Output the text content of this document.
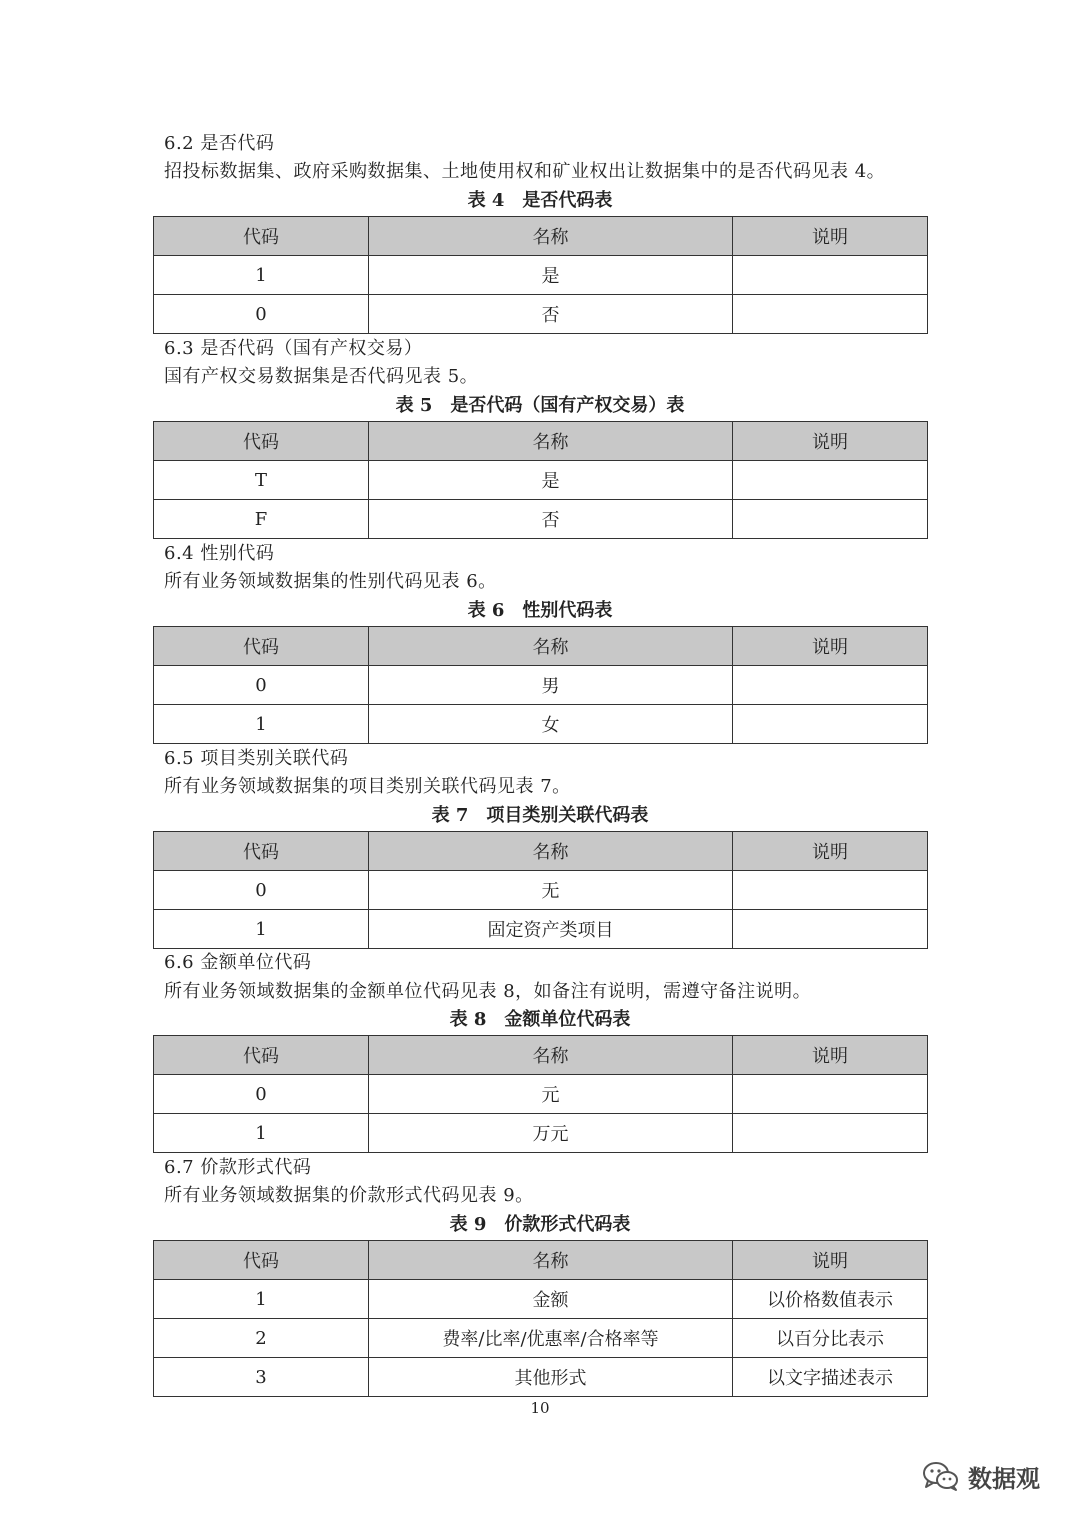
6.2 是否代码
招投标数据集、政府采购数据集、土地使用权和矿业权出让数据集中的是否代码见表 4。
表 4　是否代码表
代码	名称	说明
1	是	
0	否	
6.3 是否代码（国有产权交易）
国有产权交易数据集是否代码见表 5。
表 5　是否代码（国有产权交易）表
代码	名称	说明
T	是	
F	否	
6.4 性别代码
所有业务领域数据集的性别代码见表 6。
表 6　性别代码表
代码	名称	说明
0	男	
1	女	
6.5 项目类别关联代码
所有业务领域数据集的项目类别关联代码见表 7。
表 7　项目类别关联代码表
代码	名称	说明
0	无	
1	固定资产类项目	
6.6 金额单位代码
所有业务领域数据集的金额单位代码见表 8，如备注有说明，需遵守备注说明。
表 8　金额单位代码表
代码	名称	说明
0	元	
1	万元	
6.7 价款形式代码
所有业务领域数据集的价款形式代码见表 9。
表 9　价款形式代码表
代码	名称	说明
1	金额	以价格数值表示
2	费率/比率/优惠率/合格率等	以百分比表示
3	其他形式	以文字描述表示
10
数据观
